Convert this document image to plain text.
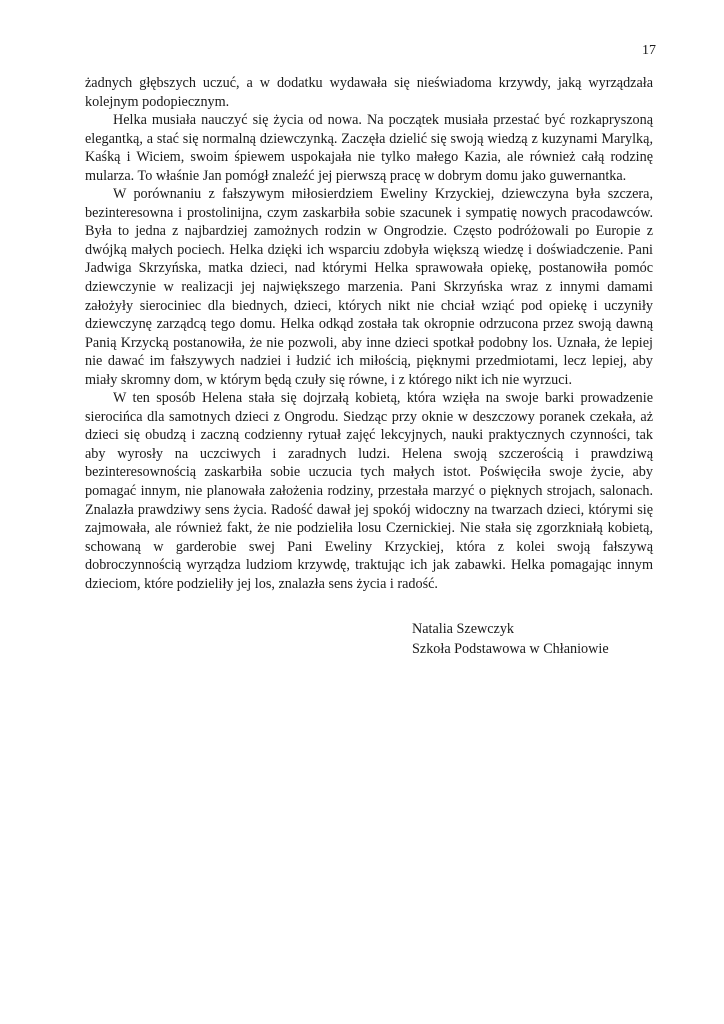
17

żadnych głębszych uczuć, a w dodatku wydawała się nieświadoma krzywdy, jaką wyrządzała kolejnym podopiecznym.

Helka musiała nauczyć się życia od nowa. Na początek musiała przestać być rozkapryszoną elegantką, a stać się normalną dziewczynką. Zaczęła dzielić się swoją wiedzą z kuzynami Marylką, Kaśką i Wiciem, swoim śpiewem uspokajała nie tylko małego Kazia, ale również całą rodzinę mularza. To właśnie Jan pomógł znaleźć jej pierwszą pracę w dobrym domu jako guwernantka.

W porównaniu z fałszywym miłosierdziem Eweliny Krzyckiej, dziewczyna była szczera, bezinteresowna i prostolinijna, czym zaskarbiła sobie szacunek i sympatię nowych pracodawców. Była to jedna z najbardziej zamożnych rodzin w Ongrodzie. Często podróżowali po Europie z dwójką małych pociech. Helka dzięki ich wsparciu zdobyła większą wiedzę i doświadczenie. Pani Jadwiga Skrzyńska, matka dzieci, nad którymi Helka sprawowała opiekę, postanowiła pomóc dziewczynie w realizacji jej największego marzenia. Pani Skrzyńska wraz z innymi damami założyły sierociniec dla biednych, dzieci, których nikt nie chciał wziąć pod opiekę i uczyniły dziewczynę zarządcą tego domu. Helka odkąd została tak okropnie odrzucona przez swoją dawną Panią Krzycką postanowiła, że nie pozwoli, aby inne dzieci spotkał podobny los. Uznała, że lepiej nie dawać im fałszywych nadziei i łudzić ich miłością, pięknymi przedmiotami, lecz lepiej, aby miały skromny dom, w którym będą czuły się równe, i z którego nikt ich nie wyrzuci.

W ten sposób Helena stała się dojrzałą kobietą, która wzięła na swoje barki prowadzenie sierocińca dla samotnych dzieci z Ongrodu. Siedząc przy oknie w deszczowy poranek czekała, aż dzieci się obudzą i zaczną codzienny rytuał zajęć lekcyjnych, nauki praktycznych czynności, tak aby wyrosły na uczciwych i zaradnych ludzi. Helena swoją szczerością i prawdziwą bezinteresownością zaskarbiła sobie uczucia tych małych istot. Poświęciła swoje życie, aby pomagać innym, nie planowała założenia rodziny, przestała marzyć o pięknych strojach, salonach. Znalazła prawdziwy sens życia. Radość dawał jej spokój widoczny na twarzach dzieci, którymi się zajmowała, ale również fakt, że nie podzieliła losu Czernickiej. Nie stała się zgorzkniałą kobietą, schowaną w garderobie swej Pani Eweliny Krzyckiej, która z kolei swoją fałszywą dobroczynnością wyrządza ludziom krzywdę, traktując ich jak zabawki. Helka pomagając innym dzieciom, które podzieliły jej los, znalazła sens życia i radość.

Natalia Szewczyk
Szkoła Podstawowa w Chłaniowie
